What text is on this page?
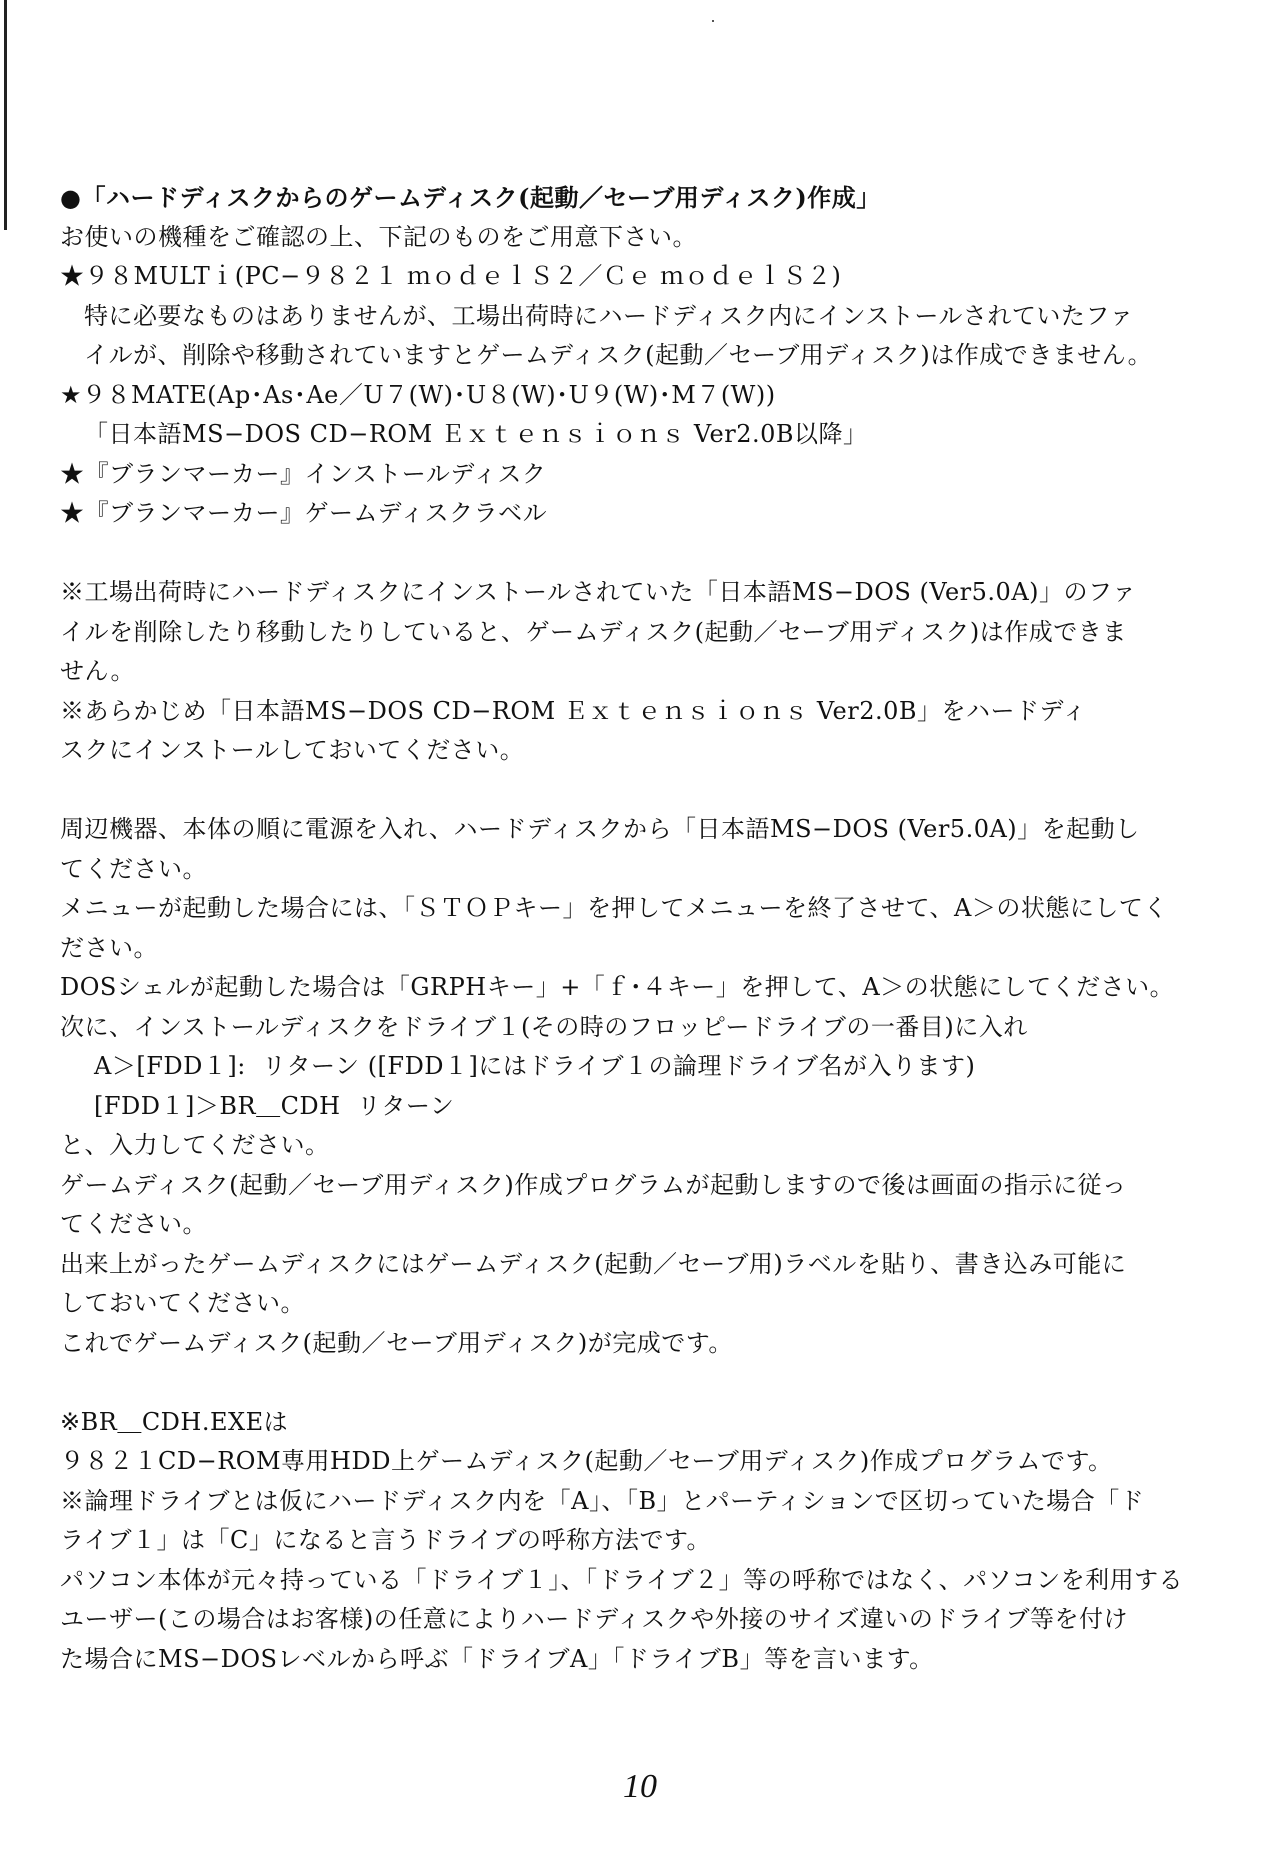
●「ハードディスクからのゲームディスク(起動／セーブ用ディスク)作成」
お使いの機種をご確認の上、下記のものをご用意下さい。
★９８MULTｉ(PC−９８２１ ｍｏｄｅｌＳ２／Ｃｅ ｍｏｄｅｌＳ２)
特に必要なものはありませんが、工場出荷時にハードディスク内にインストールされていたファ
イルが、削除や移動されていますとゲームディスク(起動／セーブ用ディスク)は作成できません。
★９８MATE(Ap･As･Ae／U７(W)･U８(W)･U９(W)･M７(W))
「日本語MS−DOS CD−ROM Ｅｘｔｅｎｓｉｏｎｓ Ver2.0B以降」
★『ブランマーカー』インストールディスク
★『ブランマーカー』ゲームディスクラベル
※工場出荷時にハードディスクにインストールされていた「日本語MS−DOS (Ver5.0A)」のファ
イルを削除したり移動したりしていると、ゲームディスク(起動／セーブ用ディスク)は作成できま
せん。
※あらかじめ「日本語MS−DOS CD−ROM Ｅｘｔｅｎｓｉｏｎｓ Ver2.0B」をハードディ
スクにインストールしておいてください。
周辺機器、本体の順に電源を入れ、ハードディスクから「日本語MS−DOS (Ver5.0A)」を起動し
てください。
メニューが起動した場合には、「ＳＴＯＰキー」を押してメニューを終了させて、A＞の状態にしてく
ださい。
DOSシェルが起動した場合は「GRPHキー」+「ｆ･４キー」を押して、A＞の状態にしてください。
次に、インストールディスクをドライブ１(その時のフロッピードライブの一番目)に入れ
A＞[FDD１]:  リターン ([FDD１]にはドライブ１の論理ドライブ名が入ります)
[FDD１]＞BR＿CDH  リターン
と、入力してください。
ゲームディスク(起動／セーブ用ディスク)作成プログラムが起動しますので後は画面の指示に従っ
てください。
出来上がったゲームディスクにはゲームディスク(起動／セーブ用)ラベルを貼り、書き込み可能に
しておいてください。
これでゲームディスク(起動／セーブ用ディスク)が完成です。
※BR＿CDH.EXEは
９８２１CD−ROM専用HDD上ゲームディスク(起動／セーブ用ディスク)作成プログラムです。
※論理ドライブとは仮にハードディスク内を「A」、「B」とパーティションで区切っていた場合「ド
ライブ１」は「C」になると言うドライブの呼称方法です。
パソコン本体が元々持っている「ドライブ１」、「ドライブ２」等の呼称ではなく、パソコンを利用する
ユーザー(この場合はお客様)の任意によりハードディスクや外接のサイズ違いのドライブ等を付け
た場合にMS−DOSレベルから呼ぶ「ドライブA」「ドライブB」等を言います。
10
